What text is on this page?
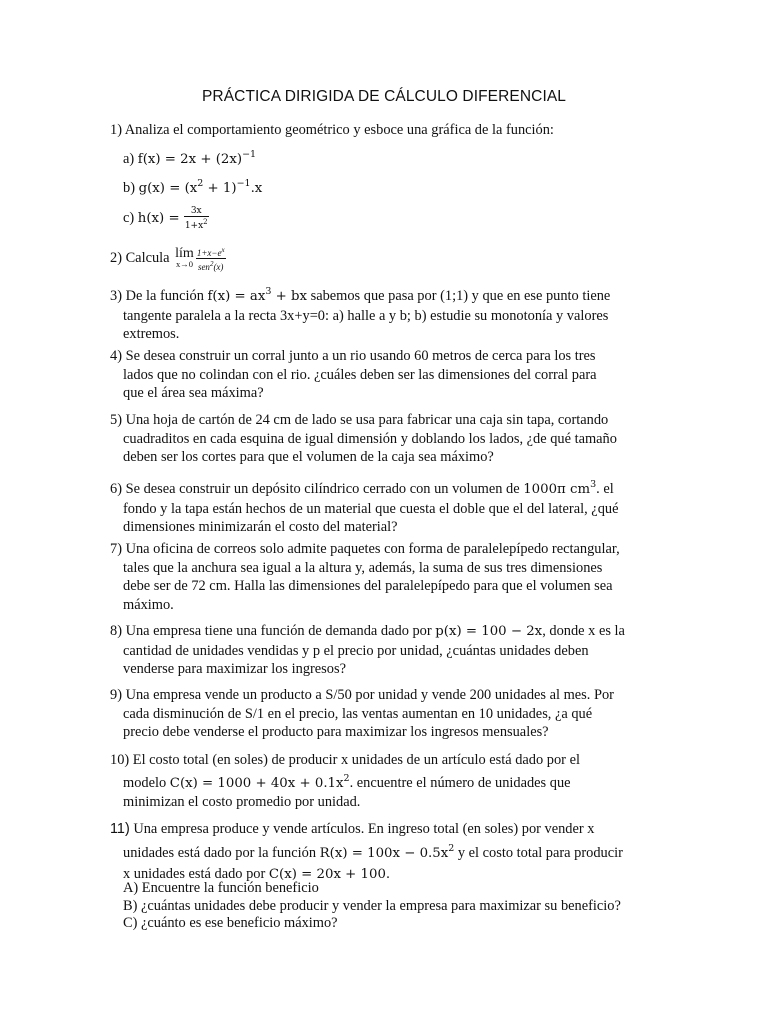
PRÁCTICA DIRIGIDA DE CÁLCULO DIFERENCIAL
1) Analiza el comportamiento geométrico y esboce una gráfica de la función:
a) $f(x) = 2x + (2x)^{-1}$
b) $g(x) = (x^2 + 1)^{-1}.x$
c) $h(x) = \frac{3x}{1+x^2}$
2) Calcula lím
$x\to 0 \frac{1+x-e^x}{sen^2(x)}$
3) De la función $f(x) = ax^3$ + bx sabemos que pasa por (1;1) y que en ese punto tiene
tangente paralela a la recta 3x+y=0: a) halle a y b; b) estudie su monotonía y valores
extremos.
4) Se desea construir un corral junto a un rio usando 60 metros de cerca para los tres
lados que no colindan con el rio. ¿cuáles deben ser las dimensiones del corral para
que el área sea máxima?
5) Una hoja de cartón de 24 cm de lado se usa para fabricar una caja sin tapa, cortando
cuadraditos en cada esquina de igual dimensión y doblando los lados, ¿de qué tamaño
deben ser los cortes para que el volumen de la caja sea máximo?
6) Se desea construir un depósito cilíndrico cerrado con un volumen de 1000π $cm^3$. el
fondo y la tapa están hechos de un material que cuesta el doble que el del lateral, ¿qué
dimensiones minimizarán el costo del material?
7) Una oficina de correos solo admite paquetes con forma de paralelepípedo rectangular,
tales que la anchura sea igual a la altura y, además, la suma de sus tres dimensiones
debe ser de 72 cm. Halla las dimensiones del paralelepípedo para que el volumen sea
máximo.
8) Una empresa tiene una función de demanda dado por p(x) = 100 − 2x, donde x es la
cantidad de unidades vendidas y p el precio por unidad, ¿cuántas unidades deben
venderse para maximizar los ingresos?
9) Una empresa vende un producto a S/50 por unidad y vende 200 unidades al mes. Por
cada disminución de S/1 en el precio, las ventas aumentan en 10 unidades, ¿a qué
precio debe venderse el producto para maximizar los ingresos mensuales?
10) El costo total (en soles) de producir x unidades de un artículo está dado por el
modelo $C(x) = 1000 + 40x + 0.1x^2$. encuentre el número de unidades que
minimizan el costo promedio por unidad.
11) Una empresa produce y vende artículos. En ingreso total (en soles) por vender x
unidades está dado por la función $R(x) = 100x - 0.5x^2$ y el costo total para producir
x unidades está dado por C(x) = 20x + 100.
A) Encuentre la función beneficio
B) ¿cuántas unidades debe producir y vender la empresa para maximizar su beneficio?
C) ¿cuánto es ese beneficio máximo?
